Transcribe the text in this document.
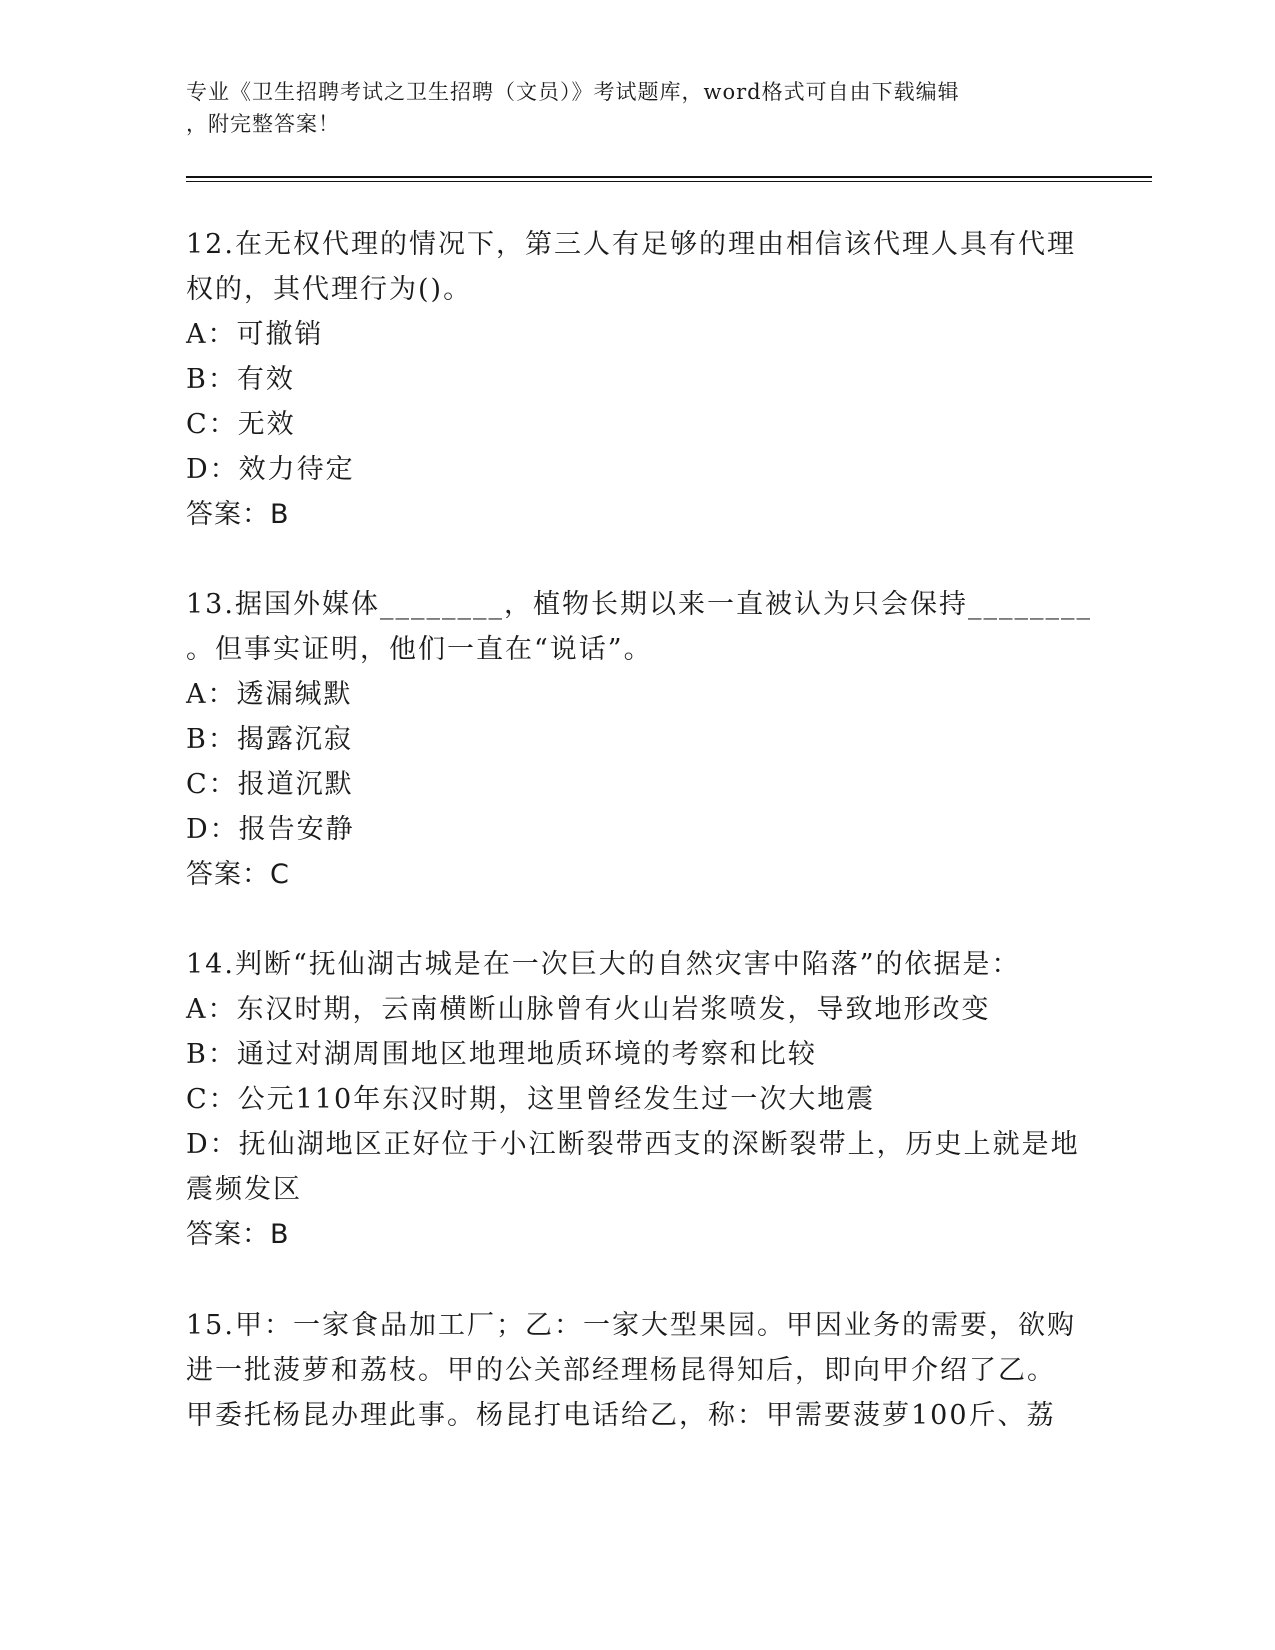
专业《卫生招聘考试之卫生招聘（文员）》考试题库，word格式可自由下载编辑
，附完整答案！
12.在无权代理的情况下，第三人有足够的理由相信该代理人具有代理
权的，其代理行为()。
A：可撤销
B：有效
C：无效
D：效力待定
答案：B
13.据国外媒体________，植物长期以来一直被认为只会保持________
。但事实证明，他们一直在“说话”。
A：透漏缄默
B：揭露沉寂
C：报道沉默
D：报告安静
答案：C
14.判断“抚仙湖古城是在一次巨大的自然灾害中陷落”的依据是：
A：东汉时期，云南横断山脉曾有火山岩浆喷发，导致地形改变
B：通过对湖周围地区地理地质环境的考察和比较
C：公元110年东汉时期，这里曾经发生过一次大地震
D：抚仙湖地区正好位于小江断裂带西支的深断裂带上，历史上就是地
震频发区
答案：B
15.甲：一家食品加工厂；乙：一家大型果园。甲因业务的需要，欲购
进一批菠萝和荔枝。甲的公关部经理杨昆得知后，即向甲介绍了乙。
甲委托杨昆办理此事。杨昆打电话给乙，称：甲需要菠萝100斤、荔
